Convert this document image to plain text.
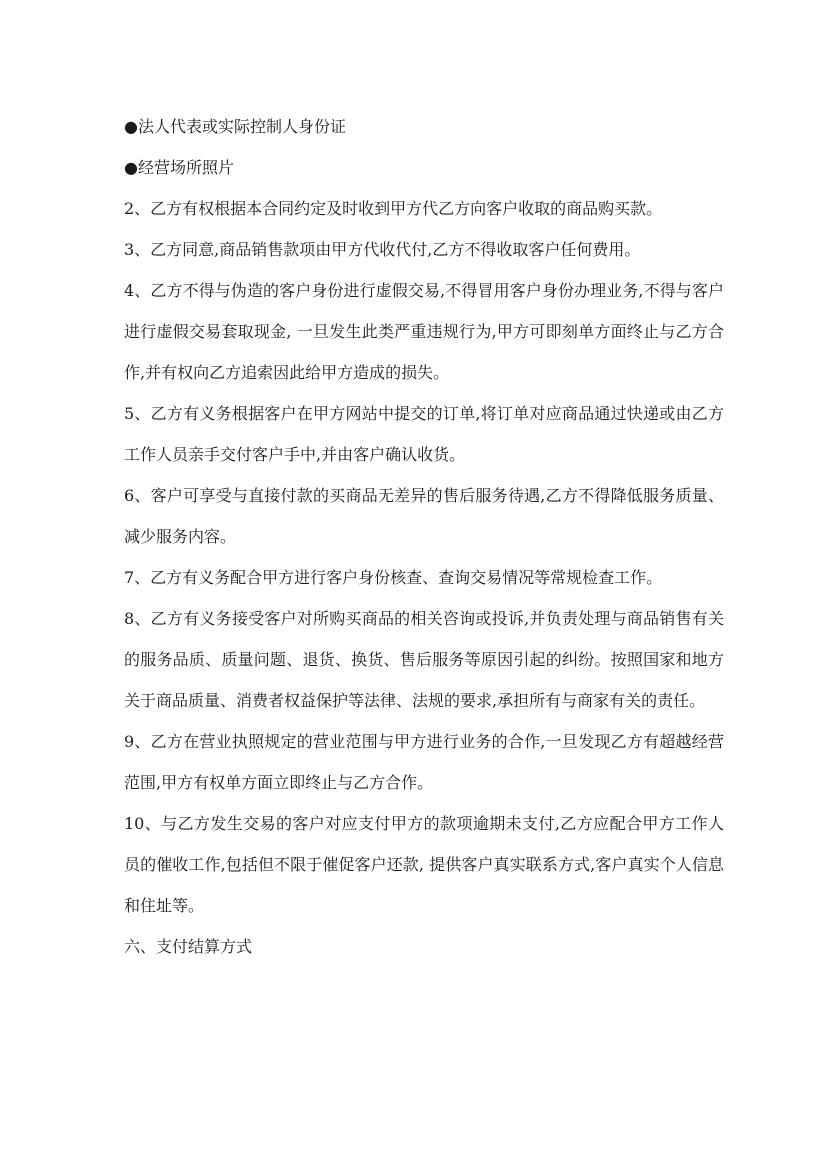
●法人代表或实际控制人身份证

●经营场所照片

2、乙方有权根据本合同约定及时收到甲方代乙方向客户收取的商品购买款。

3、乙方同意,商品销售款项由甲方代收代付,乙方不得收取客户任何费用。

4、乙方不得与伪造的客户身份进行虚假交易,不得冒用客户身份办理业务,不得与客户进行虚假交易套取现金, 一旦发生此类严重违规行为,甲方可即刻单方面终止与乙方合作,并有权向乙方追索因此给甲方造成的损失。

5、乙方有义务根据客户在甲方网站中提交的订单,将订单对应商品通过快递或由乙方工作人员亲手交付客户手中,并由客户确认收货。

6、客户可享受与直接付款的买商品无差异的售后服务待遇,乙方不得降低服务质量、减少服务内容。

7、乙方有义务配合甲方进行客户身份核查、查询交易情况等常规检查工作。

8、乙方有义务接受客户对所购买商品的相关咨询或投诉,并负责处理与商品销售有关的服务品质、质量问题、退货、换货、售后服务等原因引起的纠纷。按照国家和地方关于商品质量、消费者权益保护等法律、法规的要求,承担所有与商家有关的责任。

9、乙方在营业执照规定的营业范围与甲方进行业务的合作,一旦发现乙方有超越经营范围,甲方有权单方面立即终止与乙方合作。

10、与乙方发生交易的客户对应支付甲方的款项逾期未支付,乙方应配合甲方工作人员的催收工作,包括但不限于催促客户还款, 提供客户真实联系方式,客户真实个人信息和住址等。

六、支付结算方式
